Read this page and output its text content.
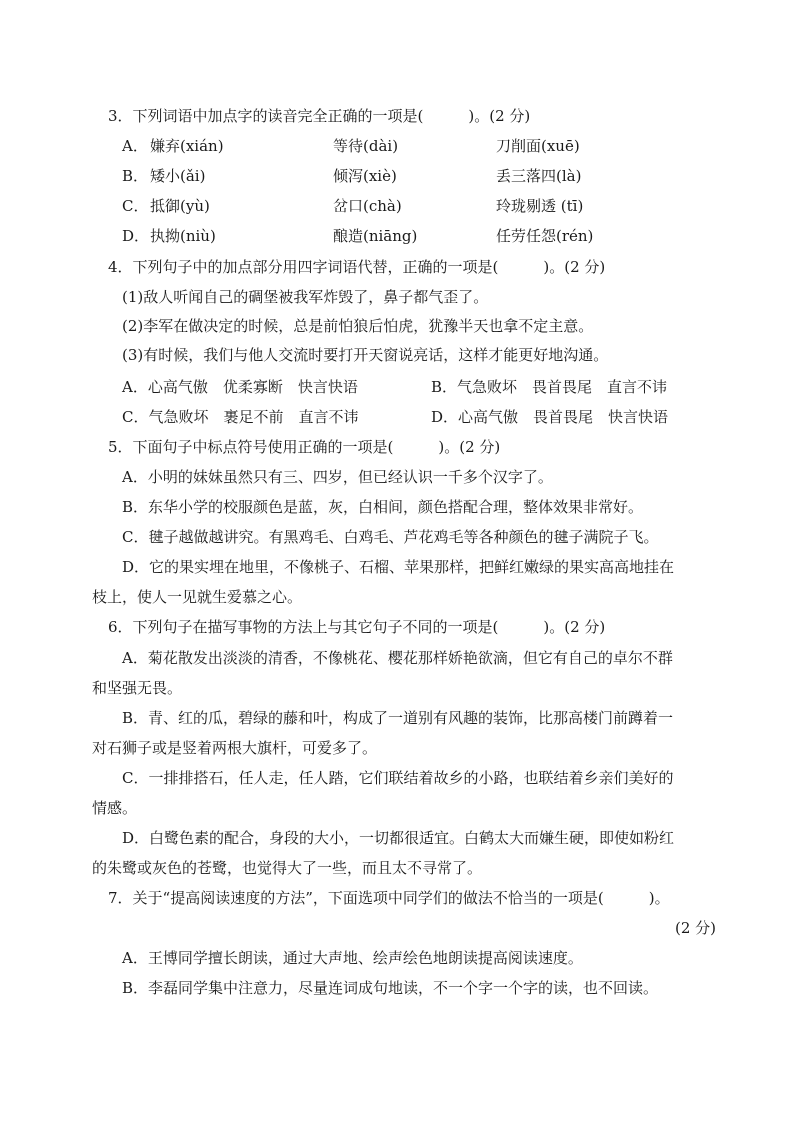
3．下列词语中加点字的读音完全正确的一项是(　　　)。(2 分)
A． 嫌弃(xián)	等待(dài)	刀削面(xuē)
B． 矮小(ǎi)	倾泻(xiè)	丢三落四(là)
C． 抵御(yù)	岔口(chà)	玲珑剔透 (tī)
D． 执拗(niù)	酿造(niāng)	任劳任怨(rén)
4．下列句子中的加点部分用四字词语代替，正确的一项是(　　　)。(2 分)
(1)敌人听闻自己的碉堡被我军炸毁了，鼻子都气歪了。
(2)李军在做决定的时候，总是前怕狼后怕虎，犹豫半天也拿不定主意。
(3)有时候，我们与他人交流时要打开天窗说亮话，这样才能更好地沟通。
A．心高气傲　优柔寡断　快言快语	B．气急败坏　畏首畏尾　直言不讳
C．气急败坏　裹足不前　直言不讳	D．心高气傲　畏首畏尾　快言快语
5．下面句子中标点符号使用正确的一项是(　　　)。(2 分)
A．小明的妹妹虽然只有三、四岁，但已经认识一千多个汉字了。
B．东华小学的校服颜色是蓝，灰，白相间，颜色搭配合理，整体效果非常好。
C．毽子越做越讲究。有黑鸡毛、白鸡毛、芦花鸡毛等各种颜色的毽子满院子飞。
D．它的果实埋在地里，不像桃子、石榴、苹果那样，把鲜红嫩绿的果实高高地挂在
枝上，使人一见就生爱慕之心。
6．下列句子在描写事物的方法上与其它句子不同的一项是(　　　)。(2 分)
A．菊花散发出淡淡的清香，不像桃花、樱花那样娇艳欲滴，但它有自己的卓尔不群
和坚强无畏。
B．青、红的瓜，碧绿的藤和叶，构成了一道别有风趣的装饰，比那高楼门前蹲着一
对石狮子或是竖着两根大旗杆，可爱多了。
C．一排排搭石，任人走，任人踏，它们联结着故乡的小路，也联结着乡亲们美好的
情感。
D．白鹭色素的配合，身段的大小，一切都很适宜。白鹤太大而嫌生硬，即使如粉红
的朱鹭或灰色的苍鹭，也觉得大了一些，而且太不寻常了。
7．关于“提高阅读速度的方法”，下面选项中同学们的做法不恰当的一项是(　　　)。
(2 分)
A．王博同学擅长朗读，通过大声地、绘声绘色地朗读提高阅读速度。
B．李磊同学集中注意力，尽量连词成句地读，不一个字一个字的读，也不回读。
